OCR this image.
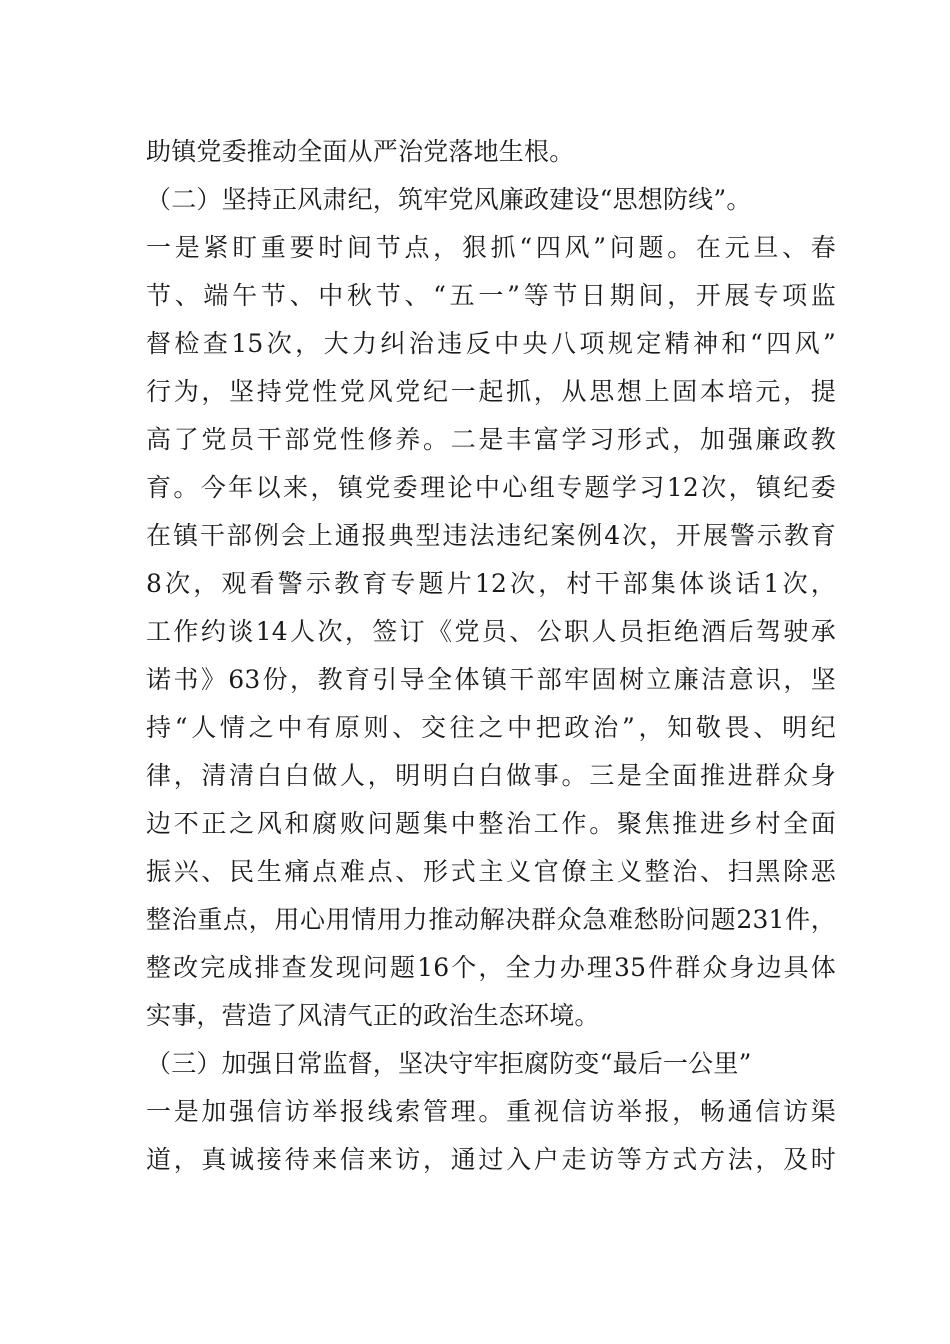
助镇党委推动全面从严治党落地生根。
（二）坚持正风肃纪，筑牢党风廉政建设“思想防线”。
一是紧盯重要时间节点，狠抓“四风”问题。在元旦、春
节、端午节、中秋节、“五一”等节日期间，开展专项监
督检查15次，大力纠治违反中央八项规定精神和“四风”
行为，坚持党性党风党纪一起抓，从思想上固本培元，提
高了党员干部党性修养。二是丰富学习形式，加强廉政教
育。今年以来，镇党委理论中心组专题学习12次，镇纪委
在镇干部例会上通报典型违法违纪案例4次，开展警示教育
8次，观看警示教育专题片12次，村干部集体谈话1次，
工作约谈14人次，签订《党员、公职人员拒绝酒后驾驶承
诺书》63份，教育引导全体镇干部牢固树立廉洁意识，坚
持“人情之中有原则、交往之中把政治”，知敬畏、明纪
律，清清白白做人，明明白白做事。三是全面推进群众身
边不正之风和腐败问题集中整治工作。聚焦推进乡村全面
振兴、民生痛点难点、形式主义官僚主义整治、扫黑除恶
整治重点，用心用情用力推动解决群众急难愁盼问题231件，
整改完成排查发现问题16个，全力办理35件群众身边具体
实事，营造了风清气正的政治生态环境。
（三）加强日常监督，坚决守牢拒腐防变“最后一公里”
一是加强信访举报线索管理。重视信访举报，畅通信访渠
道，真诚接待来信来访，通过入户走访等方式方法，及时
